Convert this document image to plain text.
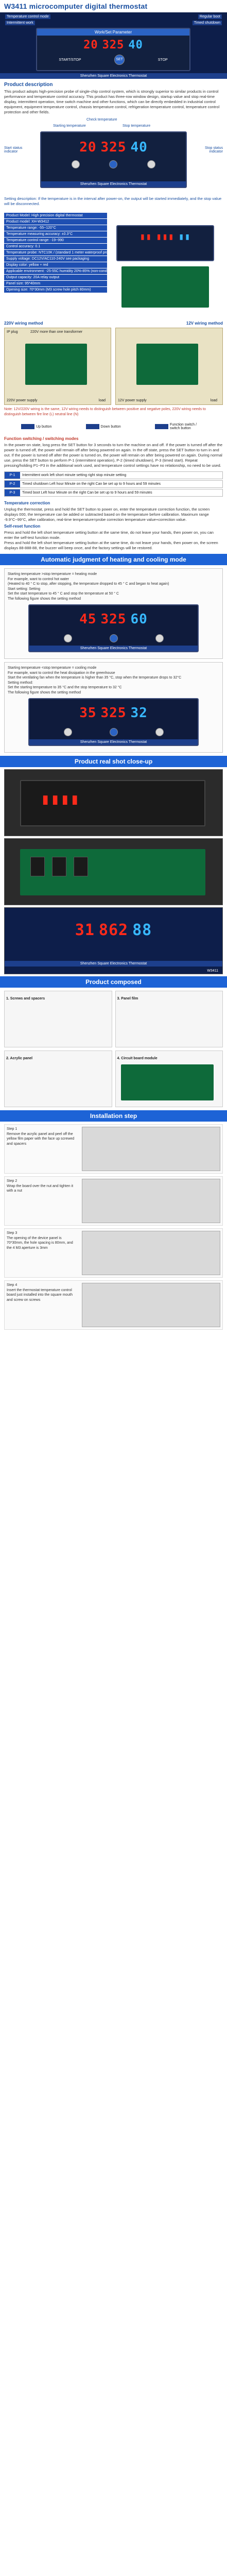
W3411 microcomputer digital thermostat
Temperature control mode
Intermittent work
Regular boot
Timed shutdown
Work/Set Parameter
20 325 40
START/STOP	SET	STOP
Shenzhen Square Electronics Thermostat
Product description

This product adopts high-precision probe of single-chip control system, which is strongly superior to similar products in control performance and temperature control accuracy. This product has three-row window design, startup value and stop real-time display, intermittent operation, time switch machine and other functions, which can be directly embedded in industrial control equipment, equipment temperature control, chassis temperature control, refrigeration temperature control, temperature control protection and other fields.

Check temperature
Starting temperature	Stop temperature
Start status indicator
Stop status indicator
20 325 40
Shenzhen Square Electronics Thermostat

Setting description: If the temperature is in the interval after power-on, the output will be started immediately, and the stop value will be disconnected.

Product Model: High precision digital thermostat
Product model: XH-W3412
Temperature range: -55~120°C
Temperature measuring accuracy: ±0.3°C
Temperature control range: -19~990
Control accuracy: 0.1
Temperature probe: NTC10K / (standard 1 meter waterproof probe)
Supply voltage: DC12V/AC110-240V see packaging
Display color: yellow + red
Applicable environment: -25-55C humidity 20%-85% (non-condensing)
Output capacity: 20A relay output
Panel size: 95*40mm
Opening size: 70*30mm (M3 screw hole pitch 80mm)
▮▮ ▮▮▮ ▮▮
220V wiring method	12V wiring method
IP plug	220V more than one transformer
220V power supply	load	12V power supply	load

Note: 12V/220V wiring is the same, 12V wiring needs to distinguish between positive and negative poles, 220V wiring needs to distinguish between fire line (L) neutral line (N)

Up button	Down button	Function switch / switch button
Function switching / switching modes

In the power-on state, long press the SET button for 3 seconds to turn the machine on and off. If the power is turned off after the power is turned off, the power will remain off after being powered on again. In the off state, press the SET button to turn in and out. If the power is turned off after the power is turned on, the power will remain on after being powered on again. During normal use, press the SET button to perform P-1 (intermittent operation), P-2 (timed shutdown), P-3 (timed start). Repeat pressing/holding P1~P3 in the additional work used, and temperature control settings have no relationship, no need to be used.

P-1	Intermittent work left short minute setting right stop minute setting
P-2	Timed shutdown Left hour Minute on the right Can be set up to 9 hours and 59 minutes
P-3	Timed boot Left hour Minute on the right Can be set up to 9 hours and 59 minutes
Temperature correction

Unplug the thermostat, press and hold the SET button to power on, enter the temperature correction function, the screen displays 000, the temperature can be added or subtracted based on the temperature before calibration. Maximum range -9.9°C~99°C, after calibration, real-time temperature=probe correction temperature value+correction value.

Self-reset function

Press and hold the left short temperature setting button at the same time, do not leave your hands, then power on, you can enter the self-test function mode.

Press and hold the left short temperature setting button at the same time, do not leave your hands, then power on, the screen displays 88-888-88, the buzzer will beep once, and the factory settings will be restored.

Automatic judgment of heating and cooling mode

Starting temperature >stop temperature = heating mode
For example, want to control hot water
(Heated to 40 ° C to stop, after stopping, the temperature dropped to 45 ° C and began to heat again)
Start setting: Setting
Set the start temperature to 45 ° C and stop the temperature at 50 ° C
The following figure shows the setting method

45 325 60
Shenzhen Square Electronics Thermostat

Starting temperature <stop temperature = cooling mode
For example, want to control the heat dissipation in the greenhouse
Start the ventilating fan when the temperature is higher than 35 °C, stop when the temperature drops to 32°C
Setting method:
Set the starting temperature to 35 °C and the stop temperature to 32 °C
The following figure shows the setting method

35 325 32
Shenzhen Square Electronics Thermostat
Product real shot close-up
▮▮▮▮
31 862 88
Shenzhen Square Electronics Thermostat
W3411
Product composed
1. Screws and spacers	3. Panel film
2. Acrylic panel	4. Circuit board module
Installation step
Step 1
Remove the acrylic panel and peel off the yellow film paper with the face up screwed and spacers
Step 2
Wrap the board over the nut and tighten it with a nut
Step 3
The opening of the device panel is 70*30mm, the hole spacing is 80mm, and the 4 M3 aperture is 3mm
Step 4
Insert the thermostat temperature control board just installed into the square mouth and screw on screws
